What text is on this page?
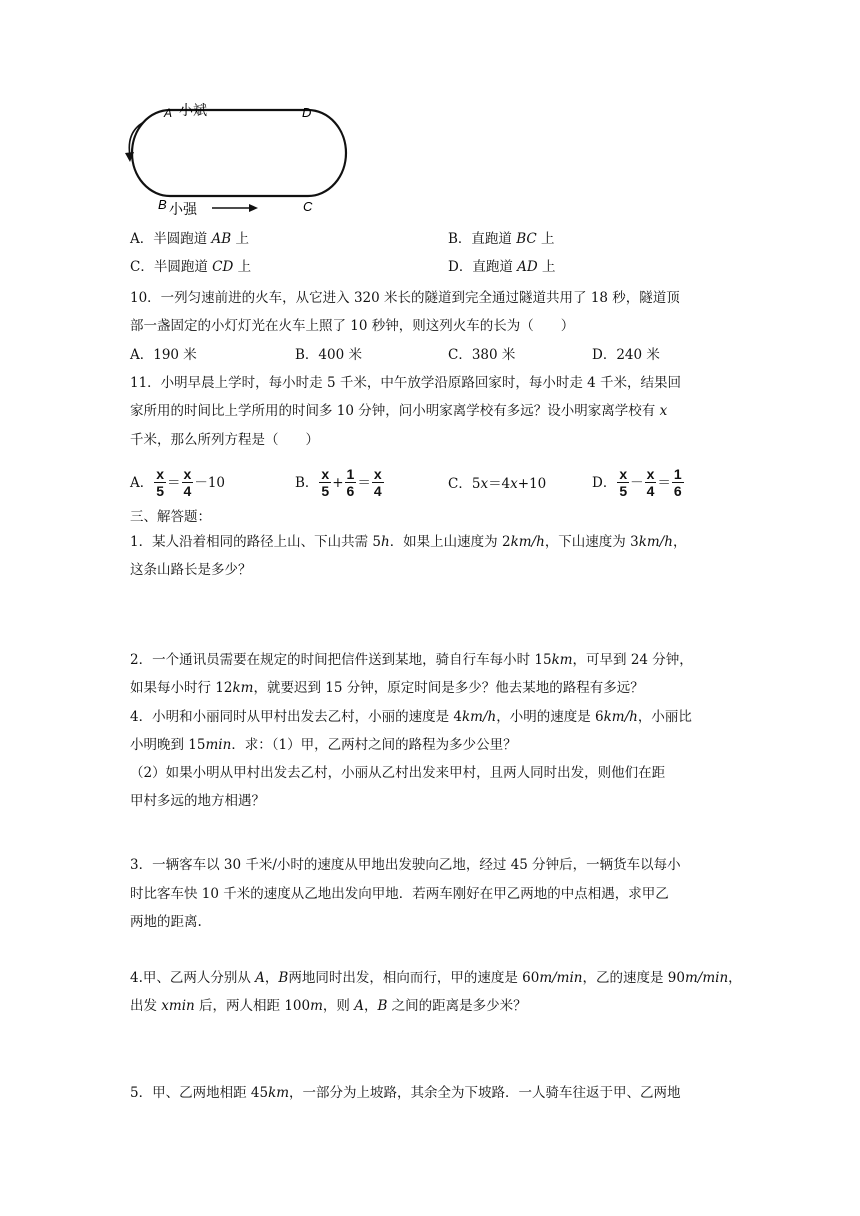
A 小斌	D
B 小强	C
A．半圆跑道 AB 上	B．直跑道 BC 上
C．半圆跑道 CD 上	D．直跑道 AD 上
10．一列匀速前进的火车，从它进入 320 米长的隧道到完全通过隧道共用了 18 秒，隧道顶
部一盏固定的小灯灯光在火车上照了 10 秒钟，则这列火车的长为（　　）
A．190 米	B．400 米	C．380 米	D．240 米
11．小明早晨上学时，每小时走 5 千米，中午放学沿原路回家时，每小时走 4 千米，结果回
家所用的时间比上学所用的时间多 10 分钟，问小明家离学校有多远？设小明家离学校有 x
千米，那么所列方程是（　　）
A． $\frac{x}{5} = \frac{x}{4} -10$	B． $\frac{x}{5} + \frac{1}{6} = \frac{x}{4}$	C．5x＝4x+10	D． $\frac{x}{5} - \frac{x}{4} = \frac{1}{6}$
三、解答题：
1．某人沿着相同的路径上山、下山共需 5h．如果上山速度为 2km/h，下山速度为 3km/h，
这条山路长是多少？
2．一个通讯员需要在规定的时间把信件送到某地，骑自行车每小时 15km，可早到 24 分钟，
如果每小时行 12km，就要迟到 15 分钟，原定时间是多少？他去某地的路程有多远？
4．小明和小丽同时从甲村出发去乙村，小丽的速度是 4km/h，小明的速度是 6km/h，小丽比
小明晚到 15min．求：（1）甲，乙两村之间的路程为多少公里？
（2）如果小明从甲村出发去乙村，小丽从乙村出发来甲村，且两人同时出发，则他们在距
甲村多远的地方相遇？
3．一辆客车以 30 千米/小时的速度从甲地出发驶向乙地，经过 45 分钟后，一辆货车以每小
时比客车快 10 千米的速度从乙地出发向甲地．若两车刚好在甲乙两地的中点相遇，求甲乙
两地的距离.
4.甲、乙两人分别从 A，B两地同时出发，相向而行，甲的速度是 60m/min，乙的速度是 90m/min，
出发 xmin 后，两人相距 100m，则 A，B 之间的距离是多少米？
5．甲、乙两地相距 45km，一部分为上坡路，其余全为下坡路．一人骑车往返于甲、乙两地
